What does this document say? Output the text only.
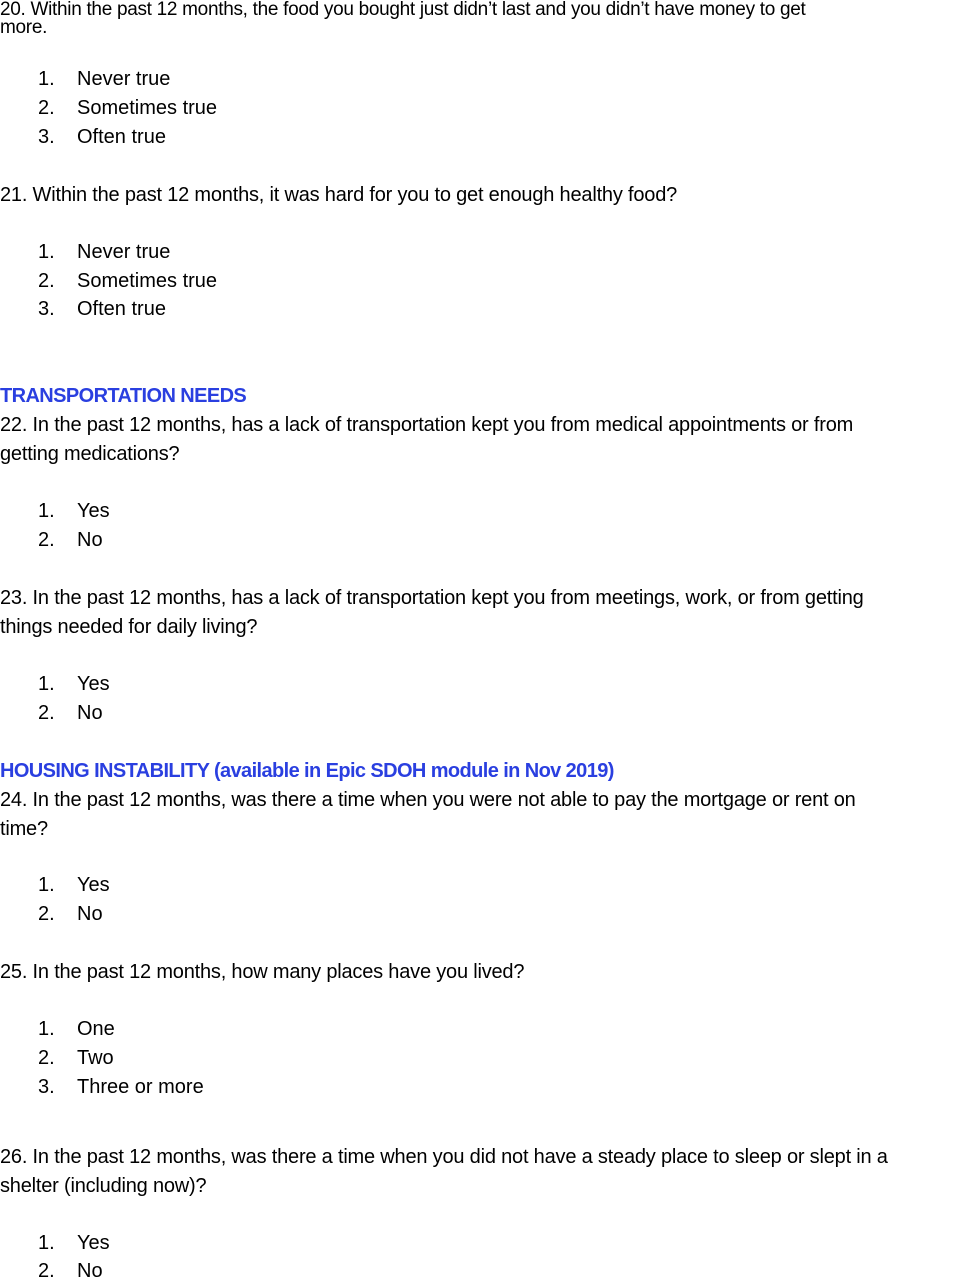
20. Within the past 12 months, the food you bought just didn’t last and you didn’t have money to get
more.
1. Never true
2. Sometimes true
3. Often true
21. Within the past 12 months, it was hard for you to get enough healthy food?
1. Never true
2. Sometimes true
3. Often true
TRANSPORTATION NEEDS
22. In the past 12 months, has a lack of transportation kept you from medical appointments or from
getting medications?
1. Yes
2. No
23. In the past 12 months, has a lack of transportation kept you from meetings, work, or from getting
things needed for daily living?
1. Yes
2. No
HOUSING INSTABILITY (available in Epic SDOH module in Nov 2019)
24. In the past 12 months, was there a time when you were not able to pay the mortgage or rent on
time?
1. Yes
2. No
25. In the past 12 months, how many places have you lived?
1. One
2. Two
3. Three or more
26. In the past 12 months, was there a time when you did not have a steady place to sleep or slept in a
shelter (including now)?
1. Yes
2. No
